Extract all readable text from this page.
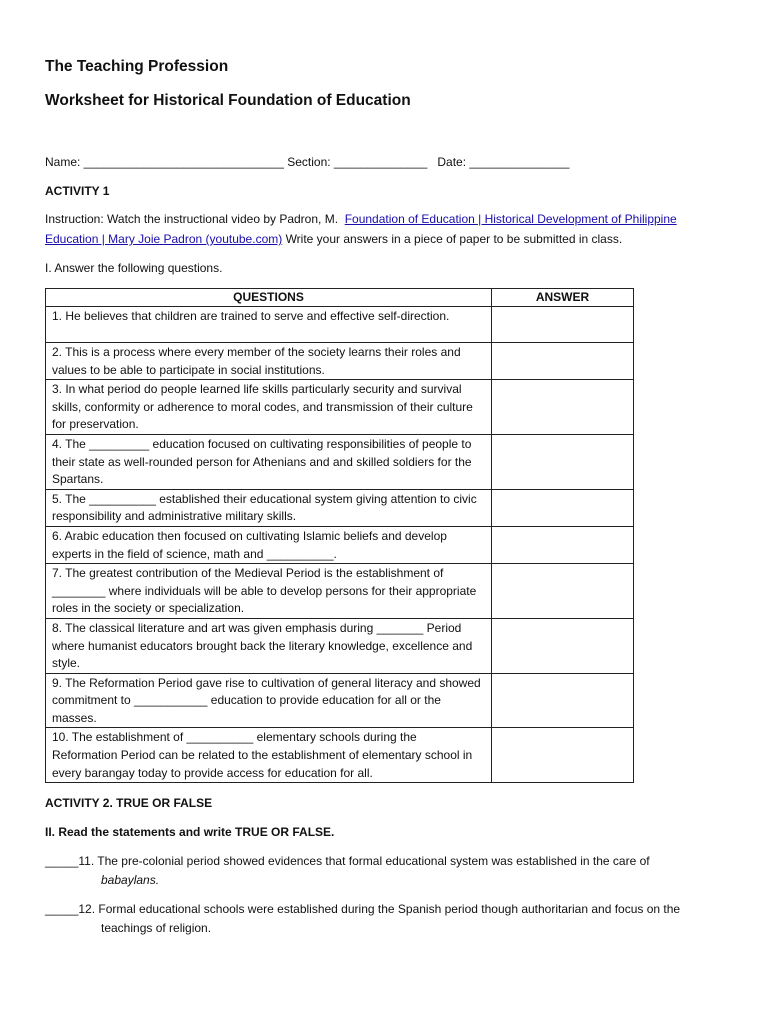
The Teaching Profession
Worksheet for Historical Foundation of Education
Name: ______________________________ Section: ______________   Date: _______________
ACTIVITY 1
Instruction: Watch the instructional video by Padron, M.  Foundation of Education | Historical Development of Philippine
Education | Mary Joie Padron (youtube.com) Write your answers in a piece of paper to be submitted in class.
I. Answer the following questions.
QUESTIONS	ANSWER
1. He believes that children are trained to serve and effective self-direction.	
2. This is a process where every member of the society learns their roles and values to be able to participate in social institutions.	
3. In what period do people learned life skills particularly security and survival skills, conformity or adherence to moral codes, and transmission of their culture for preservation.	
4. The _________ education focused on cultivating responsibilities of people to their state as well-rounded person for Athenians and and skilled soldiers for the Spartans.	
5. The __________ established their educational system giving attention to civic responsibility and administrative military skills.	
6. Arabic education then focused on cultivating Islamic beliefs and develop experts in the field of science, math and __________.	
7. The greatest contribution of the Medieval Period is the establishment of ________ where individuals will be able to develop persons for their appropriate roles in the society or specialization.	
8. The classical literature and art was given emphasis during _______ Period where humanist educators brought back the literary knowledge, excellence and style.	
9. The Reformation Period gave rise to cultivation of general literacy and showed commitment to ___________ education to provide education for all or the masses.	
10. The establishment of __________ elementary schools during the Reformation Period can be related to the establishment of elementary school in every barangay today to provide access for education for all.	
ACTIVITY 2. TRUE OR FALSE
II. Read the statements and write TRUE OR FALSE.
_____11. The pre-colonial period showed evidences that formal educational system was established in the care of
babaylans.
_____12. Formal educational schools were established during the Spanish period though authoritarian and focus on the
teachings of religion.
